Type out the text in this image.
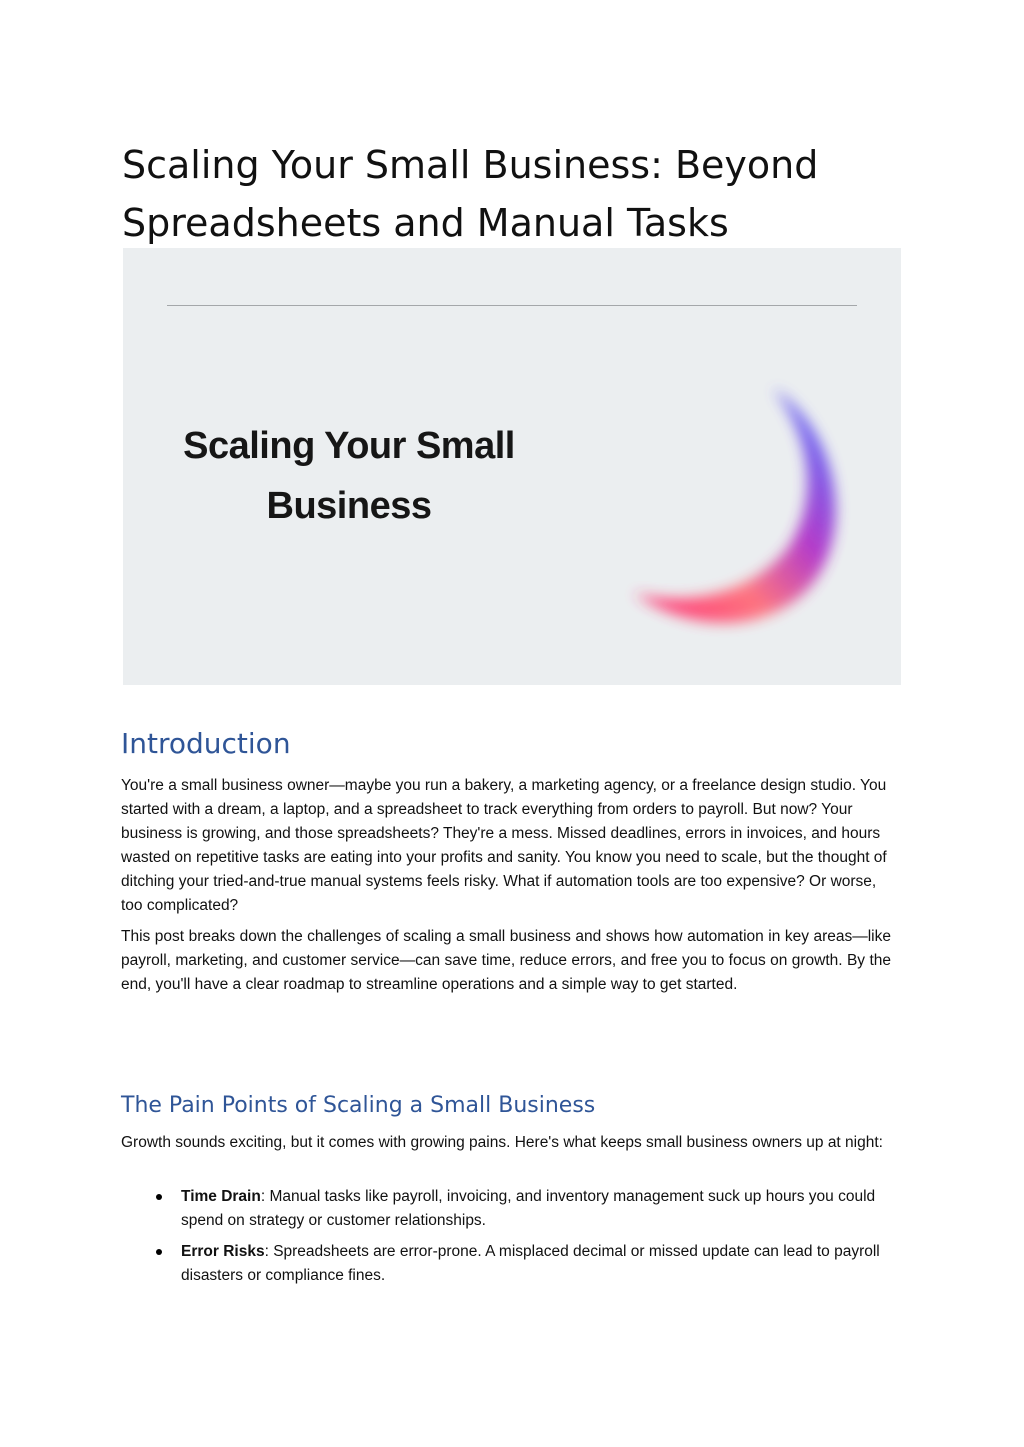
Scaling Your Small Business: Beyond Spreadsheets and Manual Tasks
Scaling Your Small
Business
Introduction

You're a small business owner—maybe you run a bakery, a marketing agency, or a freelance design studio. You started with a dream, a laptop, and a spreadsheet to track everything from orders to payroll. But now? Your business is growing, and those spreadsheets? They're a mess. Missed deadlines, errors in invoices, and hours wasted on repetitive tasks are eating into your profits and sanity. You know you need to scale, but the thought of ditching your tried-and-true manual systems feels risky. What if automation tools are too expensive? Or worse, too complicated?

This post breaks down the challenges of scaling a small business and shows how automation in key areas—like payroll, marketing, and customer service—can save time, reduce errors, and free you to focus on growth. By the end, you'll have a clear roadmap to streamline operations and a simple way to get started.

The Pain Points of Scaling a Small Business

Growth sounds exciting, but it comes with growing pains. Here's what keeps small business owners up at night:

Time Drain: Manual tasks like payroll, invoicing, and inventory management suck up hours you could spend on strategy or customer relationships.
Error Risks: Spreadsheets are error-prone. A misplaced decimal or missed update can lead to payroll disasters or compliance fines.
